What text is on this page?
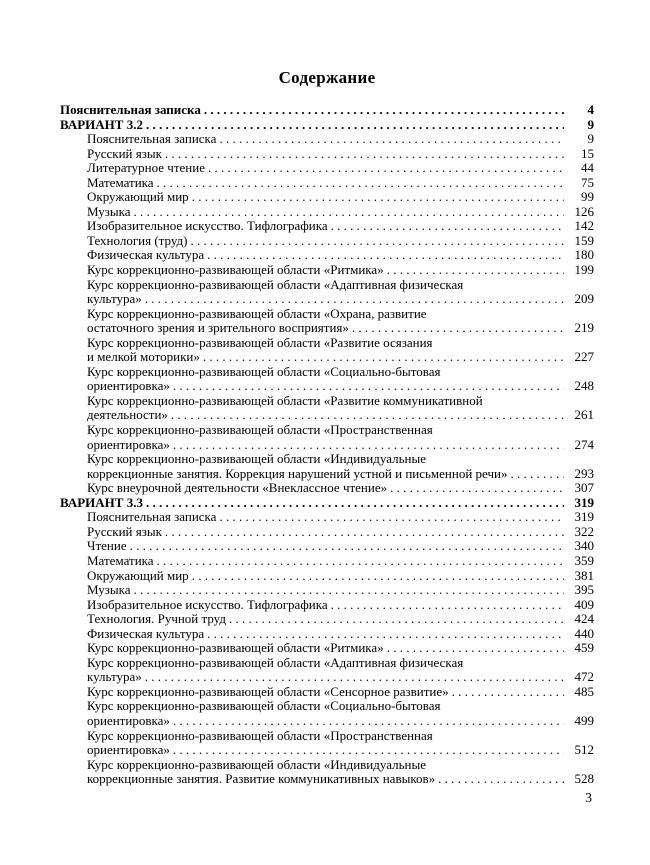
Содержание
Пояснительная записка . . .	4
ВАРИАНТ 3.2 . . .	9
Пояснительная записка . . .	9
Русский язык . . .	15
Литературное чтение . . .	44
Математика . . .	75
Окружающий мир . . .	99
Музыка . . .	126
Изобразительное искусство. Тифлографика . . .	142
Технология (труд) . . .	159
Физическая культура . . .	180
Курс коррекционно-развивающей области «Ритмика» . . .	199
Курс коррекционно-развивающей области «Адаптивная физическая
культура» . . .	209
Курс коррекционно-развивающей области «Охрана, развитие
остаточного зрения и зрительного восприятия» . . .	219
Курс коррекционно-развивающей области «Развитие осязания
и мелкой моторики» . . .	227
Курс коррекционно-развивающей области «Социально-бытовая
ориентировка» . . .	248
Курс коррекционно-развивающей области «Развитие коммуникативной
деятельности» . . .	261
Курс коррекционно-развивающей области «Пространственная
ориентировка» . . .	274
Курс коррекционно-развивающей области «Индивидуальные
коррекционные занятия. Коррекция нарушений устной и письменной речи» . . .	293
Курс внеурочной деятельности «Внеклассное чтение» . . .	307
ВАРИАНТ 3.3 . . .	319
Пояснительная записка . . .	319
Русский язык . . .	322
Чтение . . .	340
Математика . . .	359
Окружающий мир . . .	381
Музыка . . .	395
Изобразительное искусство. Тифлографика . . .	409
Технология. Ручной труд . . .	424
Физическая культура . . .	440
Курс коррекционно-развивающей области «Ритмика» . . .	459
Курс коррекционно-развивающей области «Адаптивная физическая
культура» . . .	472
Курс коррекционно-развивающей области «Сенсорное развитие» . . .	485
Курс коррекционно-развивающей области «Социально-бытовая
ориентировка» . . .	499
Курс коррекционно-развивающей области «Пространственная
ориентировка» . . .	512
Курс коррекционно-развивающей области «Индивидуальные
коррекционные занятия. Развитие коммуникативных навыков» . . .	528
3
